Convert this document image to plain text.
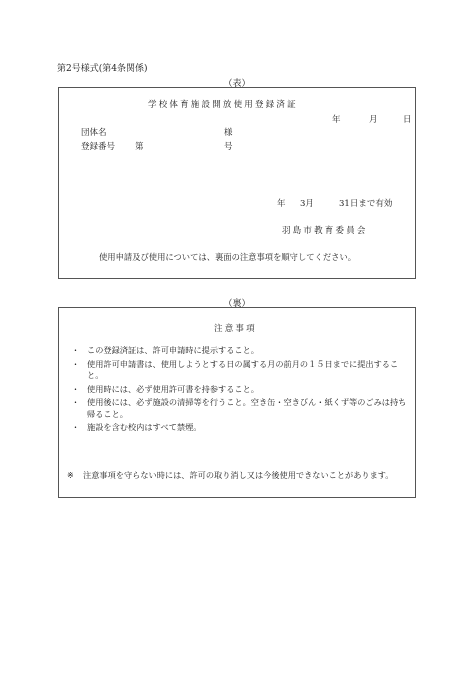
第2号様式(第4条関係)
（表）
学校体育施設開放使用登録済証
年	月	日
団体名	様
登録番号 第	号
年 3月	31日まで有効
羽島市教育委員会
使用申請及び使用については、裏面の注意事項を順守してください。
（裏）
注意事項
・ この登録済証は、許可申請時に提示すること。
・ 使用許可申請書は、使用しようとする日の属する月の前月の１５日までに提出すること。
・ 使用時には、必ず使用許可書を持参すること。
・ 使用後には、必ず施設の清掃等を行うこと。空き缶・空きびん・紙くず等のごみは持ち帰ること。
・ 施設を含む校内はすべて禁煙。
※ 注意事項を守らない時には、許可の取り消し又は今後使用できないことがあります。
